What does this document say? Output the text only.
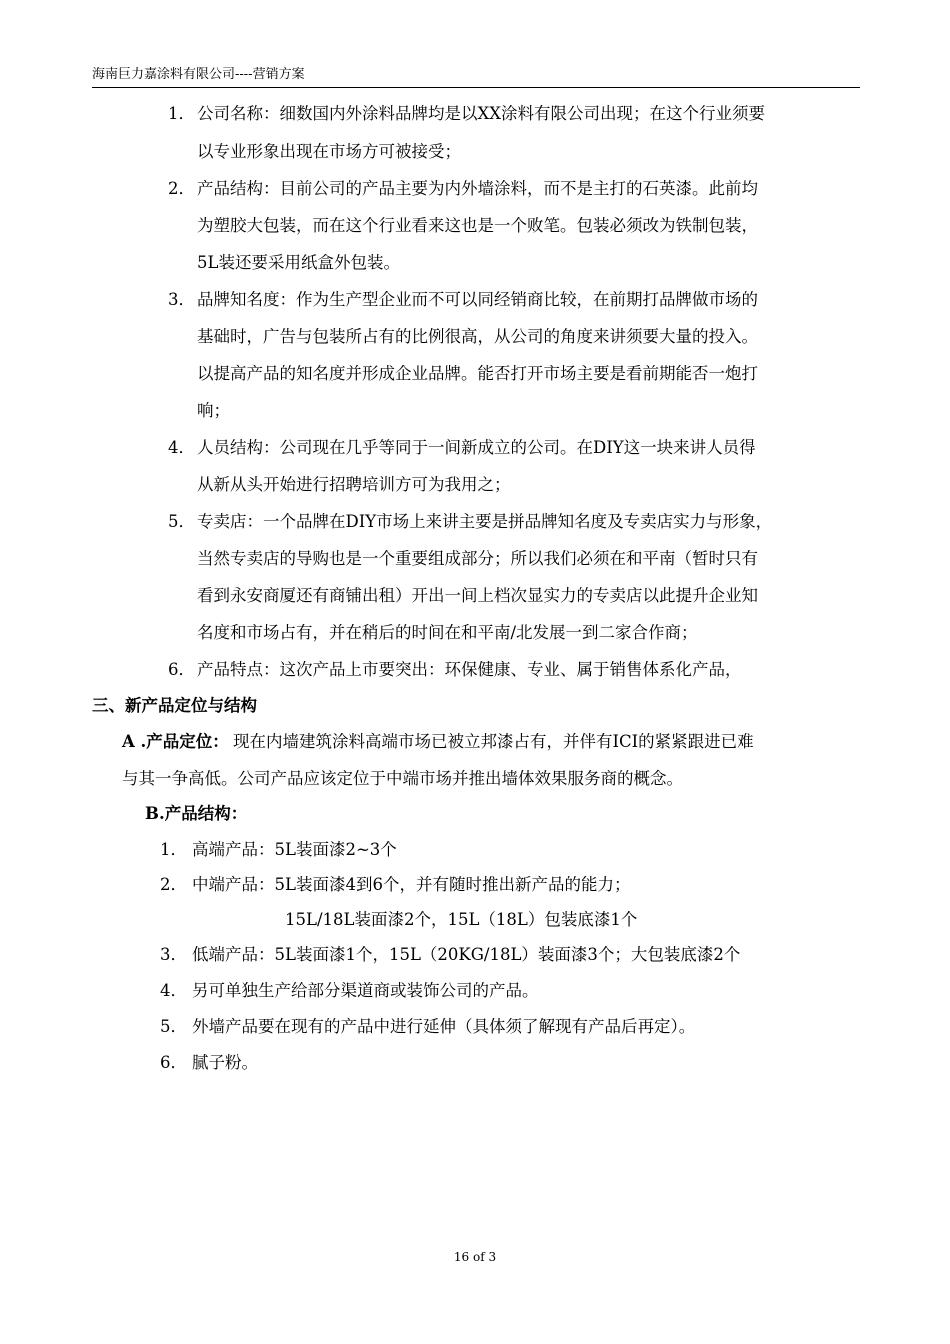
海南巨力嘉涂料有限公司----营销方案
1． 公司名称：细数国内外涂料品牌均是以XX涂料有限公司出现；在这个行业须要
以专业形象出现在市场方可被接受；
2． 产品结构：目前公司的产品主要为内外墙涂料，而不是主打的石英漆。此前均
为塑胶大包装，而在这个行业看来这也是一个败笔。包装必须改为铁制包装，
5L装还要采用纸盒外包装。
3． 品牌知名度：作为生产型企业而不可以同经销商比较，在前期打品牌做市场的
基础时，广告与包装所占有的比例很高，从公司的角度来讲须要大量的投入。
以提高产品的知名度并形成企业品牌。能否打开市场主要是看前期能否一炮打
响；
4． 人员结构：公司现在几乎等同于一间新成立的公司。在DIY这一块来讲人员得
从新从头开始进行招聘培训方可为我用之；
5． 专卖店：一个品牌在DIY市场上来讲主要是拼品牌知名度及专卖店实力与形象，
当然专卖店的导购也是一个重要组成部分；所以我们必须在和平南（暂时只有
看到永安商厦还有商铺出租）开出一间上档次显实力的专卖店以此提升企业知
名度和市场占有，并在稍后的时间在和平南/北发展一到二家合作商；
6． 产品特点：这次产品上市要突出：环保健康、专业、属于销售体系化产品，
三、新产品定位与结构
A .产品定位： 现在内墙建筑涂料高端市场已被立邦漆占有，并伴有ICI的紧紧跟进已难
与其一争高低。公司产品应该定位于中端市场并推出墙体效果服务商的概念。
B.产品结构：
1． 高端产品：5L装面漆2~3个
2． 中端产品：5L装面漆4到6个，并有随时推出新产品的能力；
15L/18L装面漆2个，15L（18L）包装底漆1个
3． 低端产品：5L装面漆1个，15L（20KG/18L）装面漆3个；大包装底漆2个
4． 另可单独生产给部分渠道商或装饰公司的产品。
5． 外墙产品要在现有的产品中进行延伸（具体须了解现有产品后再定）。
6． 腻子粉。
16 of 3
